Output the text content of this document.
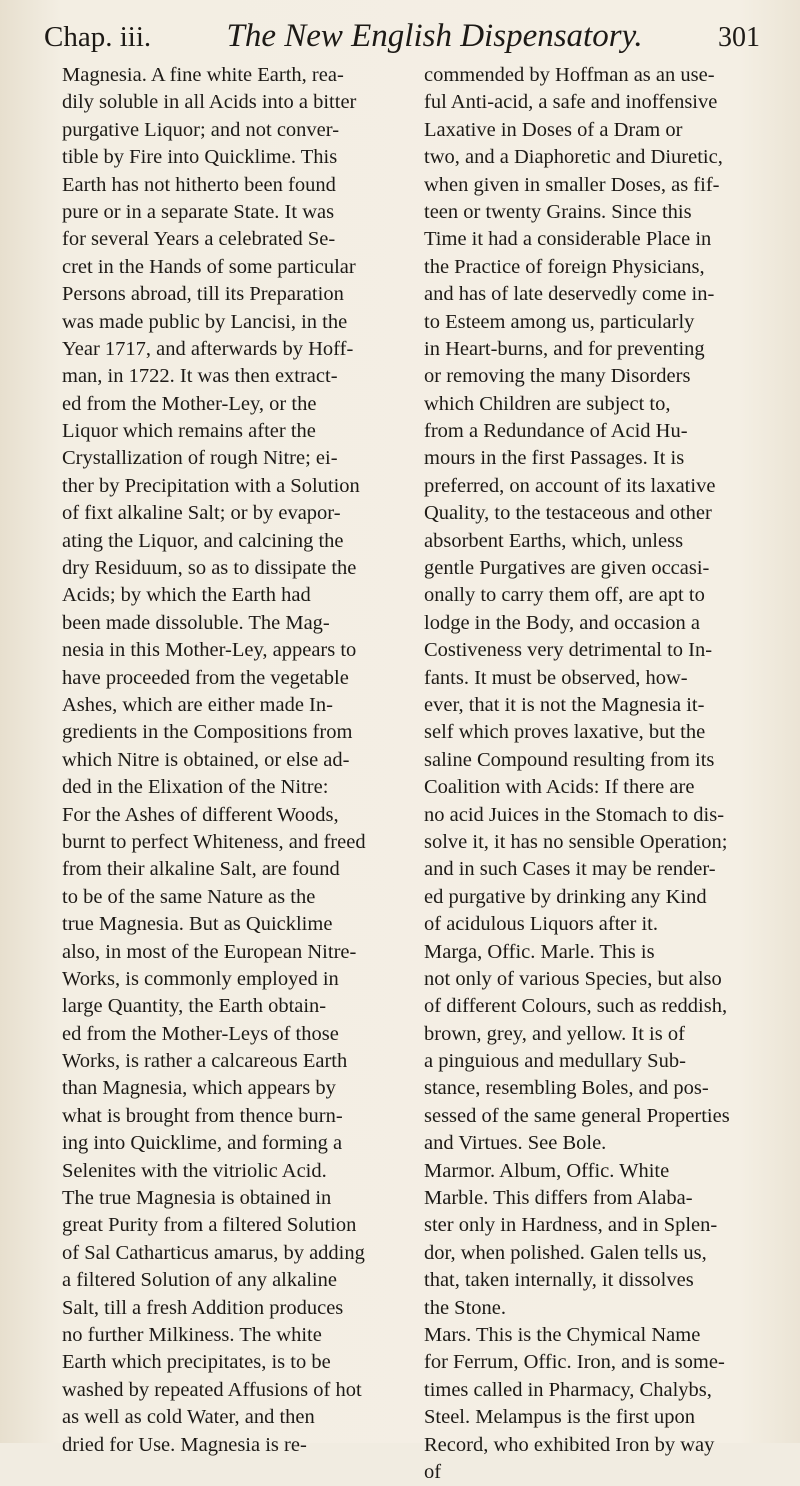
Chap. iii. The New English Dispensatory.	301
Magnesia. A fine white Earth, rea-
dily soluble in all Acids into a bitter
purgative Liquor; and not conver-
tible by Fire into Quicklime. This
Earth has not hitherto been found
pure or in a separate State. It was
for several Years a celebrated Se-
cret in the Hands of some particular
Persons abroad, till its Preparation
was made public by Lancisi, in the
Year 1717, and afterwards by Hoff-
man, in 1722. It was then extract-
ed from the Mother-Ley, or the
Liquor which remains after the
Crystallization of rough Nitre; ei-
ther by Precipitation with a Solution
of fixt alkaline Salt; or by evapor-
ating the Liquor, and calcining the
dry Residuum, so as to dissipate the
Acids; by which the Earth had
been made dissoluble. The Mag-
nesia in this Mother-Ley, appears to
have proceeded from the vegetable
Ashes, which are either made In-
gredients in the Compositions from
which Nitre is obtained, or else ad-
ded in the Elixation of the Nitre:
For the Ashes of different Woods,
burnt to perfect Whiteness, and freed
from their alkaline Salt, are found
to be of the same Nature as the
true Magnesia. But as Quicklime
also, in most of the European Nitre-
Works, is commonly employed in
large Quantity, the Earth obtain-
ed from the Mother-Leys of those
Works, is rather a calcareous Earth
than Magnesia, which appears by
what is brought from thence burn-
ing into Quicklime, and forming a
Selenites with the vitriolic Acid.
The true Magnesia is obtained in
great Purity from a filtered Solution
of Sal Catharticus amarus, by adding
a filtered Solution of any alkaline
Salt, till a fresh Addition produces
no further Milkiness. The white
Earth which precipitates, is to be
washed by repeated Affusions of hot
as well as cold Water, and then
dried for Use. Magnesia is re-
commended by Hoffman as an use-
ful Anti-acid, a safe and inoffensive
Laxative in Doses of a Dram or
two, and a Diaphoretic and Diuretic,
when given in smaller Doses, as fif-
teen or twenty Grains. Since this
Time it had a considerable Place in
the Practice of foreign Physicians,
and has of late deservedly come in-
to Esteem among us, particularly
in Heart-burns, and for preventing
or removing the many Disorders
which Children are subject to,
from a Redundance of Acid Hu-
mours in the first Passages. It is
preferred, on account of its laxative
Quality, to the testaceous and other
absorbent Earths, which, unless
gentle Purgatives are given occasi-
onally to carry them off, are apt to
lodge in the Body, and occasion a
Costiveness very detrimental to In-
fants. It must be observed, how-
ever, that it is not the Magnesia it-
self which proves laxative, but the
saline Compound resulting from its
Coalition with Acids: If there are
no acid Juices in the Stomach to dis-
solve it, it has no sensible Operation;
and in such Cases it may be render-
ed purgative by drinking any Kind
of acidulous Liquors after it.
Marga, Offic. Marle. This is
not only of various Species, but also
of different Colours, such as reddish,
brown, grey, and yellow. It is of
a pinguious and medullary Sub-
stance, resembling Boles, and pos-
sessed of the same general Properties
and Virtues. See Bole.
Marmor. Album, Offic. White
Marble. This differs from Alaba-
ster only in Hardness, and in Splen-
dor, when polished. Galen tells us,
that, taken internally, it dissolves
the Stone.
Mars. This is the Chymical Name
for Ferrum, Offic. Iron, and is some-
times called in Pharmacy, Chalybs,
Steel. Melampus is the first upon
Record, who exhibited Iron by way
of
